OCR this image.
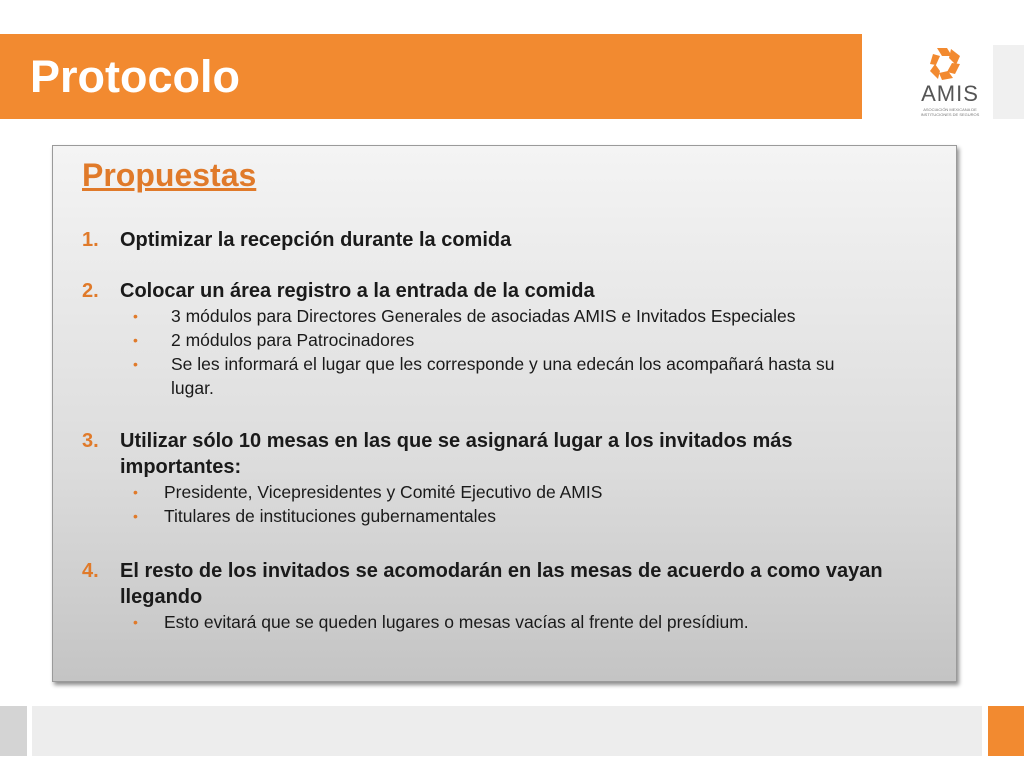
Protocolo	AMIS
ASOCIACIÓN MEXICANA DE INSTITUCIONES DE SEGUROS
Propuestas
1. Optimizar la recepción durante la comida
2. Colocar un área registro a la entrada de la comida
• 3 módulos para Directores Generales de asociadas AMIS e Invitados Especiales
• 2 módulos para Patrocinadores
• Se les informará el lugar que les corresponde y una edecán los acompañará hasta su lugar.
3. Utilizar sólo 10 mesas en las que se asignará lugar a los invitados más importantes:
• Presidente, Vicepresidentes y Comité Ejecutivo de AMIS
• Titulares de instituciones gubernamentales
4. El resto de los invitados se acomodarán en las mesas de acuerdo a como vayan llegando
• Esto evitará que se queden lugares o mesas vacías al frente del presídium.
